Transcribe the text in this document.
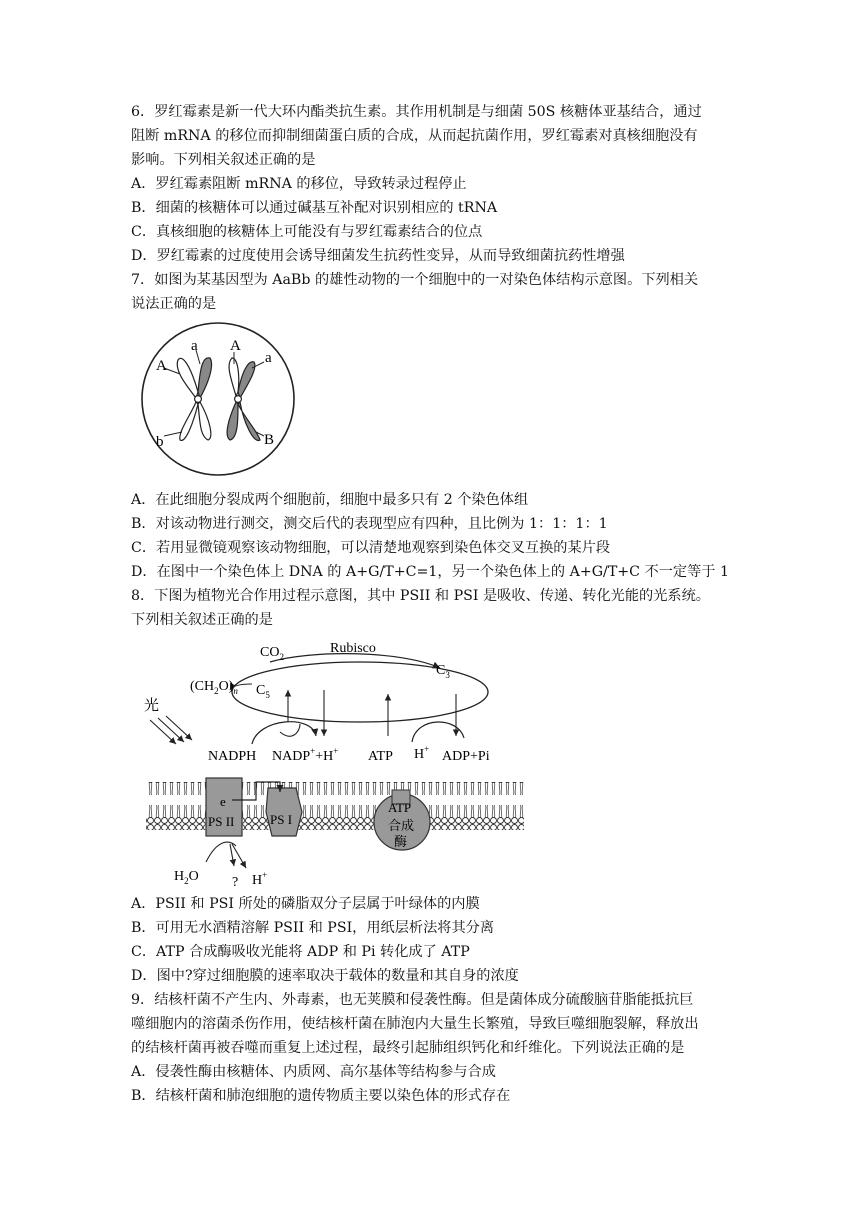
6．罗红霉素是新一代大环内酯类抗生素。其作用机制是与细菌 50S 核糖体亚基结合，通过
阻断 mRNA 的移位而抑制细菌蛋白质的合成，从而起抗菌作用，罗红霉素对真核细胞没有
影响。下列相关叙述正确的是
A．罗红霉素阻断 mRNA 的移位，导致转录过程停止
B．细菌的核糖体可以通过碱基互补配对识别相应的 tRNA
C．真核细胞的核糖体上可能没有与罗红霉素结合的位点
D．罗红霉素的过度使用会诱导细菌发生抗药性变异，从而导致细菌抗药性增强
7．如图为某基因型为 AaBb 的雄性动物的一个细胞中的一对染色体结构示意图。下列相关
说法正确的是
A
a
b
A
a
B
A．在此细胞分裂成两个细胞前，细胞中最多只有 2 个染色体组
B．对该动物进行测交，测交后代的表现型应有四种，且比例为 1：1：1：1
C．若用显微镜观察该动物细胞，可以清楚地观察到染色体交叉互换的某片段
D．在图中一个染色体上 DNA 的 A+G/T+C=1，另一个染色体上的 A+G/T+C 不一定等于 1
8．下图为植物光合作用过程示意图，其中 PSII 和 PSI 是吸收、传递、转化光能的光系统。
下列相关叙述正确的是
$CO_2$
Rubisco
$C_3$
$(CH_2O)_n$ $C_5$
光
NADPH NADP++H+ ATP H+ ADP+Pi
e
PS II	PS I
ATP
合成
酶
$H_2O$ ? H+
A．PSII 和 PSI 所处的磷脂双分子层属于叶绿体的内膜
B．可用无水酒精溶解 PSII 和 PSI，用纸层析法将其分离
C．ATP 合成酶吸收光能将 ADP 和 Pi 转化成了 ATP
D．图中?穿过细胞膜的速率取决于载体的数量和其自身的浓度
9．结核杆菌不产生内、外毒素，也无荚膜和侵袭性酶。但是菌体成分硫酸脑苷脂能抵抗巨
噬细胞内的溶菌杀伤作用，使结核杆菌在肺泡内大量生长繁殖，导致巨噬细胞裂解，释放出
的结核杆菌再被吞噬而重复上述过程，最终引起肺组织钙化和纤维化。下列说法正确的是
A．侵袭性酶由核糖体、内质网、高尔基体等结构参与合成
B．结核杆菌和肺泡细胞的遗传物质主要以染色体的形式存在
